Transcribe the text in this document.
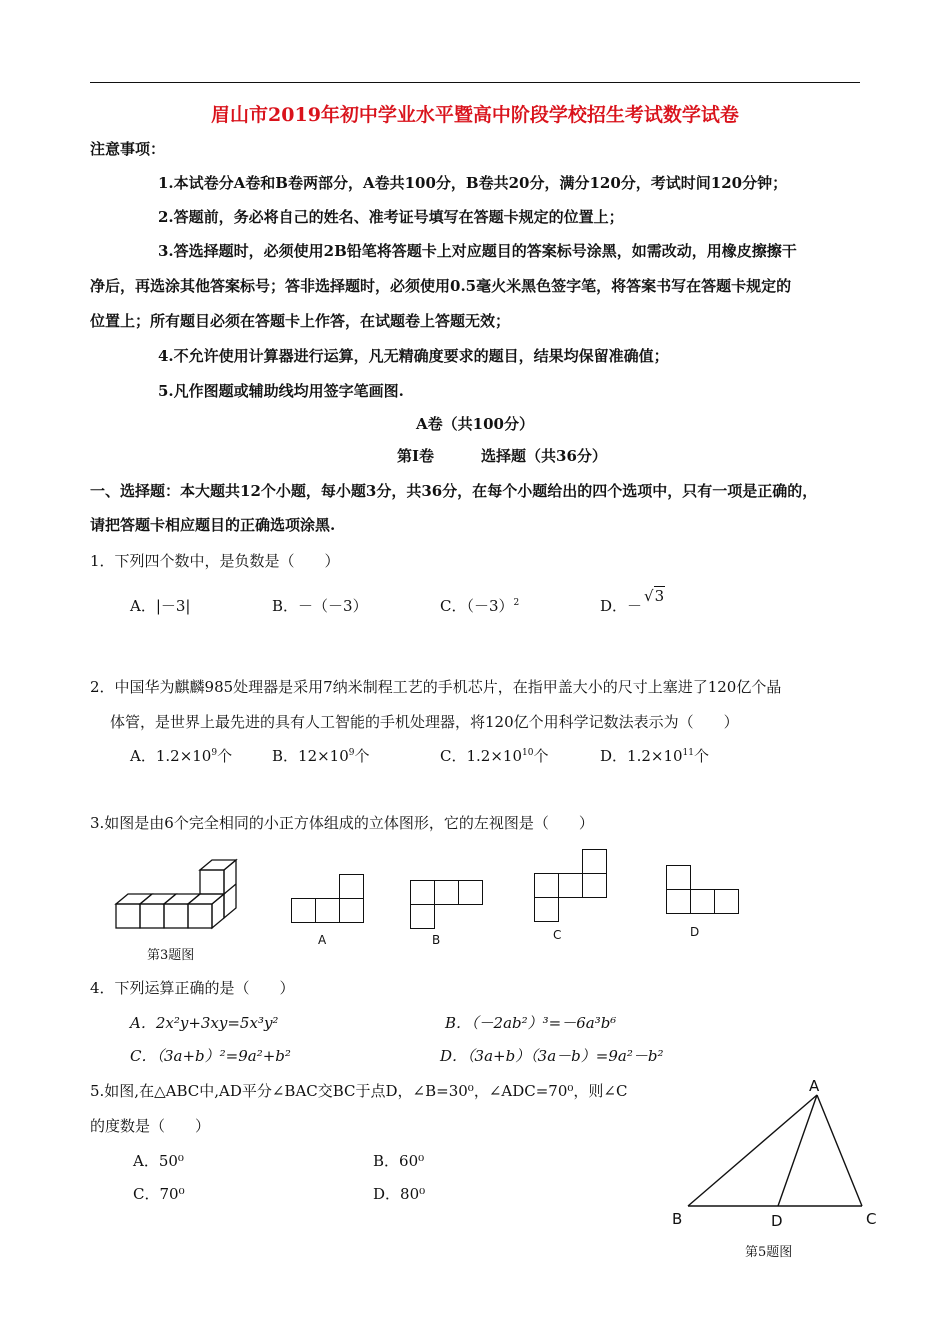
眉山市2019年初中学业水平暨高中阶段学校招生考试数学试卷
注意事项：
1.本试卷分A卷和B卷两部分，A卷共100分，B卷共20分，满分120分，考试时间120分钟；
2.答题前，务必将自己的姓名、准考证号填写在答题卡规定的位置上；
3.答选择题时，必须使用2B铅笔将答题卡上对应题目的答案标号涂黑，如需改动，用橡皮擦擦干
净后，再选涂其他答案标号；答非选择题时，必须使用0.5毫火米黑色签字笔，将答案书写在答题卡规定的
位置上；所有题目必须在答题卡上作答，在试题卷上答题无效；
4.不允许使用计算器进行运算，凡无精确度要求的题目，结果均保留准确值；
5.凡作图题或辅助线均用签字笔画图.
A卷（共100分）
第Ⅰ卷	选择题（共36分）
一、选择题：本大题共12个小题，每小题3分，共36分，在每个小题给出的四个选项中，只有一项是正确的，
请把答题卡相应题目的正确选项涂黑.
1．下列四个数中，是负数是（　　）
A．|－3|	B．－（－3）	C．$(-3)^2$	D．－√3
2．中国华为麒麟985处理器是采用7纳米制程工艺的手机芯片，在指甲盖大小的尺寸上塞进了120亿个晶
体管，是世界上最先进的具有人工智能的手机处理器，将120亿个用科学记数法表示为（　　）
A．$1.2\times 10^9$个	B．$12\times 10^9$个	C．$1.2\times 10^{10}$个	D．$1.2\times 10^{11}$个
3.如图是由6个完全相同的小正方体组成的立体图形，它的左视图是（　　）
第3题图
A	B	C	D
4．下列运算正确的是（　　）
A．2x²y+3xy=5x³y²	B．（－2ab²）³=－6a³b⁶
C．（3a+b）²=9a²+b²	D．（3a+b）（3a－b）=9a²－b²
5.如图,在△ABC中,AD平分∠BAC交BC于点D，∠B=30⁰，∠ADC=70⁰，则∠C
的度数是（　　）
A．50⁰	B．60⁰
C．70⁰	D．80⁰
A
B	D	C
第5题图
